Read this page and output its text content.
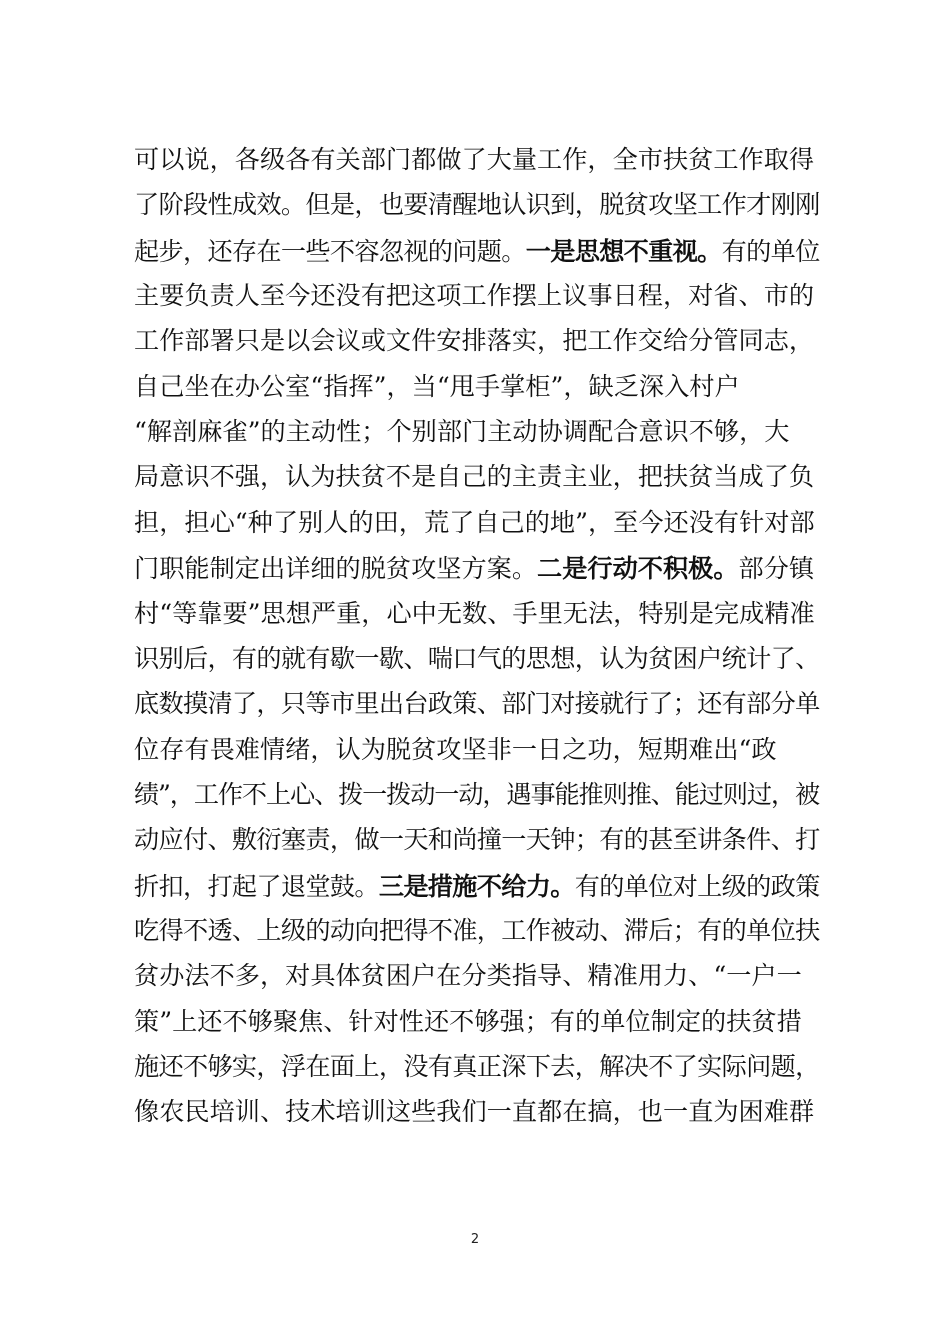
可以说，各级各有关部门都做了大量工作，全市扶贫工作取得
了阶段性成效。但是，也要清醒地认识到，脱贫攻坚工作才刚刚
起步，还存在一些不容忽视的问题。一是思想不重视。有的单位
主要负责人至今还没有把这项工作摆上议事日程，对省、市的
工作部署只是以会议或文件安排落实，把工作交给分管同志，
自己坐在办公室“指挥”，当“甩手掌柜”，缺乏深入村户
“解剖麻雀”的主动性；个别部门主动协调配合意识不够，大
局意识不强，认为扶贫不是自己的主责主业，把扶贫当成了负
担，担心“种了别人的田，荒了自己的地”，至今还没有针对部
门职能制定出详细的脱贫攻坚方案。二是行动不积极。部分镇
村“等靠要”思想严重，心中无数、手里无法，特别是完成精准
识别后，有的就有歇一歇、喘口气的思想，认为贫困户统计了、
底数摸清了，只等市里出台政策、部门对接就行了；还有部分单
位存有畏难情绪，认为脱贫攻坚非一日之功，短期难出“政
绩”，工作不上心、拨一拨动一动，遇事能推则推、能过则过，被
动应付、敷衍塞责，做一天和尚撞一天钟；有的甚至讲条件、打
折扣，打起了退堂鼓。三是措施不给力。有的单位对上级的政策
吃得不透、上级的动向把得不准，工作被动、滞后；有的单位扶
贫办法不多，对具体贫困户在分类指导、精准用力、“一户一
策”上还不够聚焦、针对性还不够强；有的单位制定的扶贫措
施还不够实，浮在面上，没有真正深下去，解决不了实际问题，
像农民培训、技术培训这些我们一直都在搞，也一直为困难群
2
